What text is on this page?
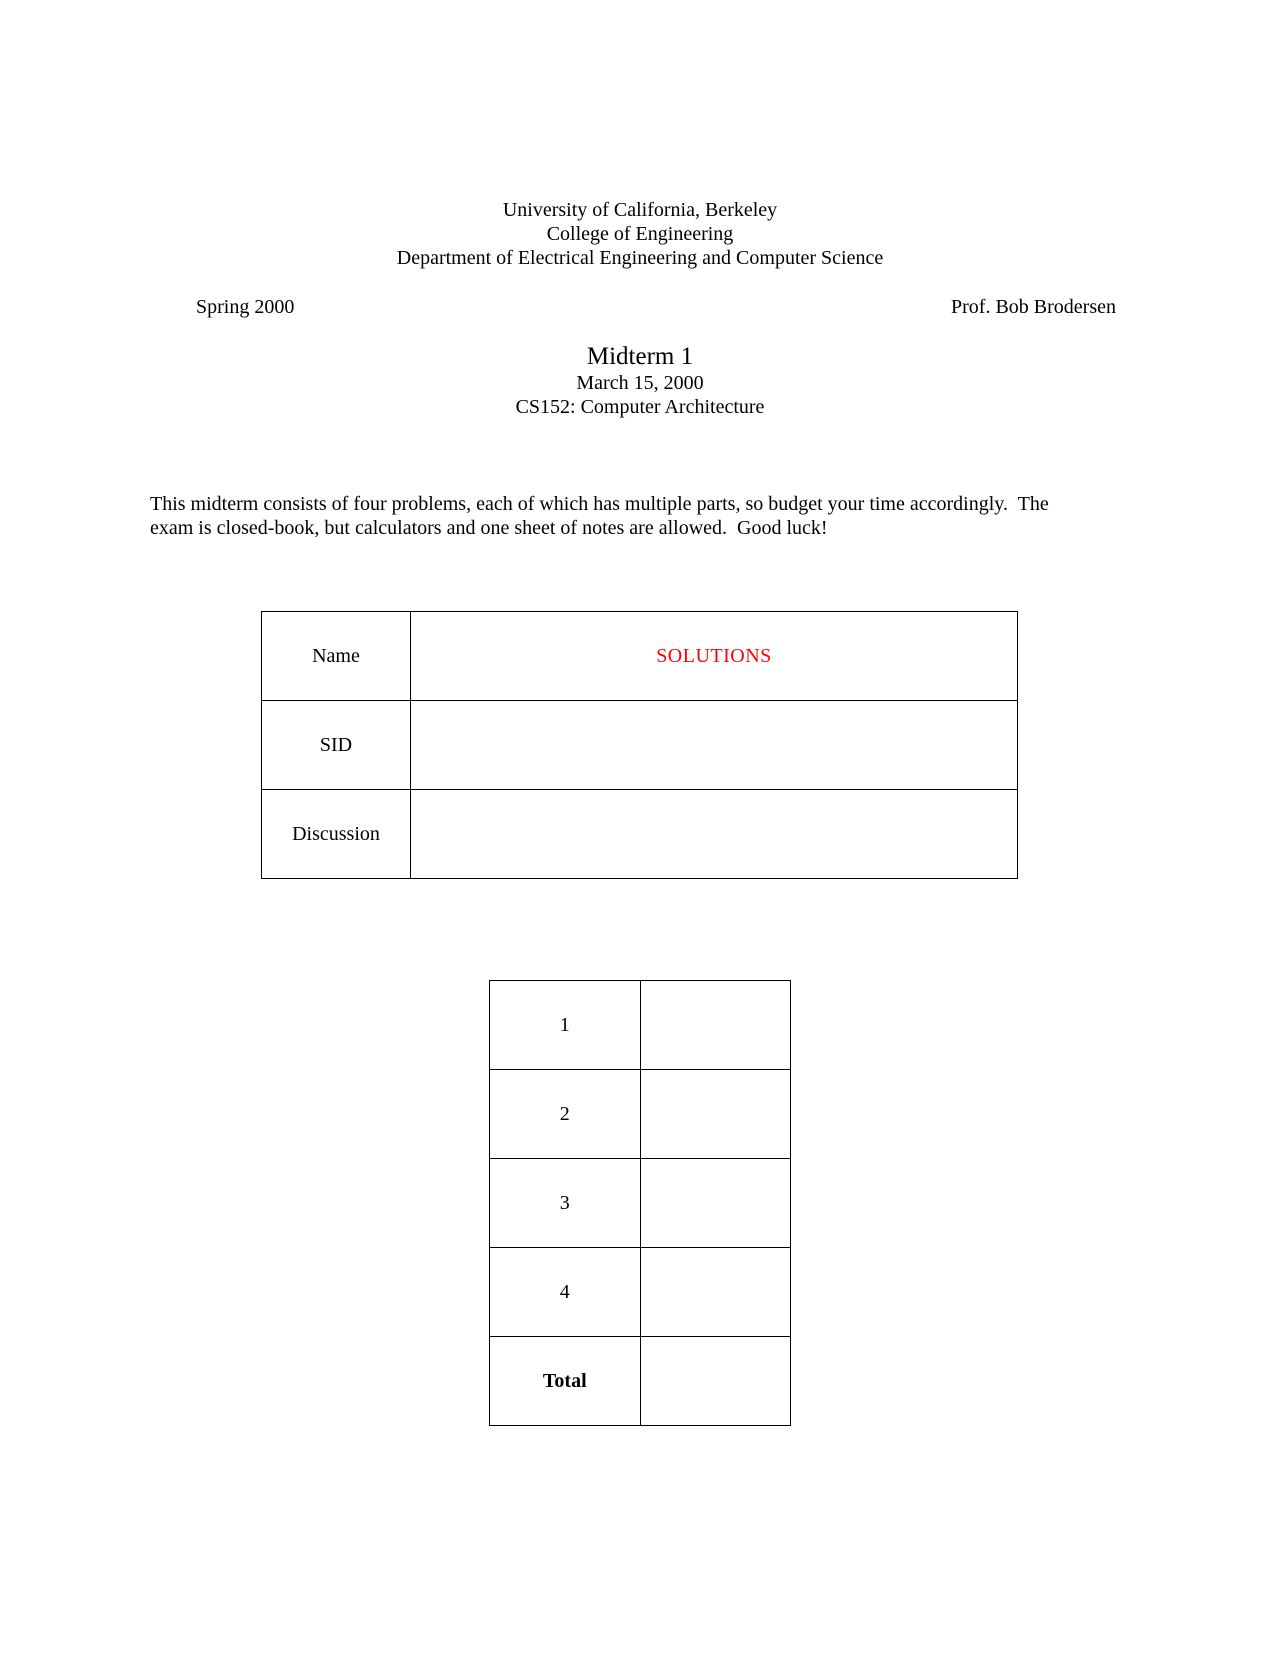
University of California, Berkeley
College of Engineering
Department of Electrical Engineering and Computer Science
Spring 2000	Prof. Bob Brodersen
Midterm 1
March 15, 2000
CS152: Computer Architecture
This midterm consists of four problems, each of which has multiple parts, so budget your time accordingly.  The
exam is closed-book, but calculators and one sheet of notes are allowed.  Good luck!
Name	SOLUTIONS
SID	
Discussion	
1	
2	
3	
4	
Total	
